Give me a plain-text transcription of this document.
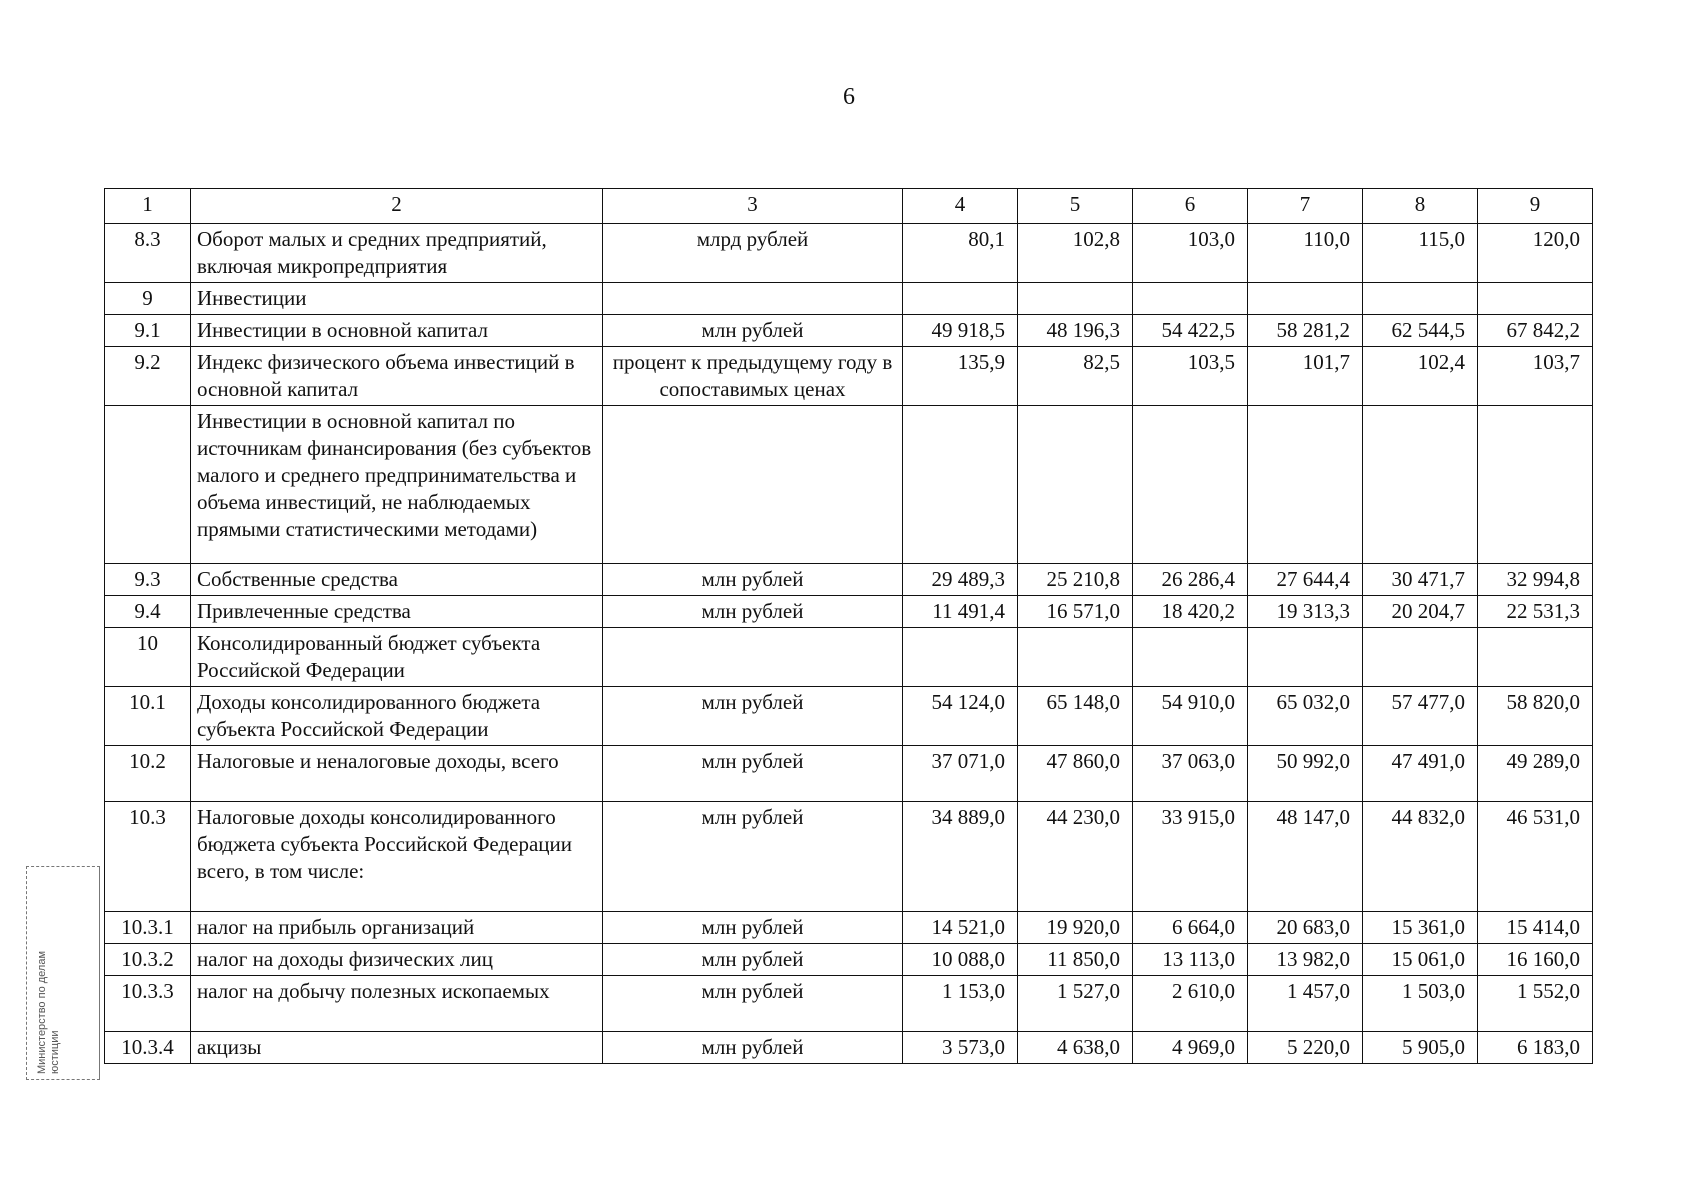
6
1	2	3	4	5	6	7	8	9
8.3	Оборот малых и средних предприятий, включая микропредприятия	млрд рублей	80,1	102,8	103,0	110,0	115,0	120,0
9	Инвестиции							
9.1	Инвестиции в основной капитал	млн рублей	49 918,5	48 196,3	54 422,5	58 281,2	62 544,5	67 842,2
9.2	Индекс физического объема инвестиций в основной капитал	процент к предыдущему году в сопоставимых ценах	135,9	82,5	103,5	101,7	102,4	103,7
	Инвестиции в основной капитал по источникам финансирования (без субъектов малого и среднего предпринимательства и объема инвестиций, не наблюдаемых прямыми статистическими методами)							
9.3	Собственные средства	млн рублей	29 489,3	25 210,8	26 286,4	27 644,4	30 471,7	32 994,8
9.4	Привлеченные средства	млн рублей	11 491,4	16 571,0	18 420,2	19 313,3	20 204,7	22 531,3
10	Консолидированный бюджет субъекта Российской Федерации							
10.1	Доходы консолидированного бюджета субъекта Российской Федерации	млн рублей	54 124,0	65 148,0	54 910,0	65 032,0	57 477,0	58 820,0
10.2	Налоговые и неналоговые доходы, всего	млн рублей	37 071,0	47 860,0	37 063,0	50 992,0	47 491,0	49 289,0
10.3	Налоговые доходы консолидированного бюджета субъекта Российской Федерации всего, в том числе:	млн рублей	34 889,0	44 230,0	33 915,0	48 147,0	44 832,0	46 531,0
10.3.1	налог на прибыль организаций	млн рублей	14 521,0	19 920,0	6 664,0	20 683,0	15 361,0	15 414,0
10.3.2	налог на доходы физических лиц	млн рублей	10 088,0	11 850,0	13 113,0	13 982,0	15 061,0	16 160,0
10.3.3	налог на добычу полезных ископаемых	млн рублей	1 153,0	1 527,0	2 610,0	1 457,0	1 503,0	1 552,0
10.3.4	акцизы	млн рублей	3 573,0	4 638,0	4 969,0	5 220,0	5 905,0	6 183,0
Министерство по делам юстиции
